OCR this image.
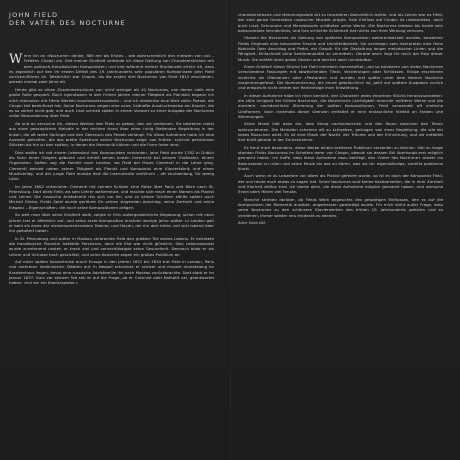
JOHN FIELD
DER VATER DES NOCTURNE

Wenn ich an »Nocturne« denke, fällt mir als Erstes – wie wahrscheinlich den meisten von uns – Frédéric Chopin ein. Seit meiner Kindheit verbinde ich diese Gattung von Charakterstücken mit dem polnisch-französischen Komponisten; und erst während meiner Studienzeit erfuhr ich, dass es eigentlich auf den im ersten Drittel des 19. Jahrhunderts sehr populären Komponisten John Field zurückzuführen ist. Tatsächlich war Chopin, als die ersten drei Nocturnes von Field 1812 erschienen, gerade einmal zwei Jahre alt.

Heute gibt es einen Zusammenschluss von nicht weniger als 41 Nocturnes, von denen viele eine große Rolle gespielt. Doch irgendwann in den frühen Jahren meiner Tätigkeit als Pianistin begann ich mich intensiver mit Fields Werken auseinanderzusetzen – und ich entdeckte eine Welt voller Poesie, die Chopin tief beeinflusst hat. Seine Nocturnes zeigen eine neue, liedhafte Ausdrucksweise am Klavier, die es so vorher nicht gab; und auch Liszt schrieb später in einem Vorwort zu einer Ausgabe der Nocturnes voller Bewunderung über Field.

Ab und an versuche ich, diesen Werken den Platz zu geben, den sie verdienen. Sie bestehen meist aus einer gesanglichen Melodie in der rechten Hand über einer ruhig fließenden Begleitung in der linken, die oft weite Sprünge und den Gebrauch des Pedals verlangt. Für diese Aufnahme habe ich eine Auswahl getroffen, die das breite Spektrum seiner Nocturnes zeigt: von frühen, schlicht gehaltenen Stücken bis hin zu den späten, in denen die Harmonik kühner und die Form freier wird.

Dies wollte ich mit einem Lebenslauf des Komponisten verbinden. John Field wurde 1782 in Dublin als Sohn eines Geigers geboren und erhielt seinen ersten Unterricht bei seinem Großvater, einem Organisten. Später zog die Familie nach London, wo Field bei Muzio Clementi in die Lehre ging. Clementi betrieb neben seiner Tätigkeit als Pianist und Komponist eine Klavierfabrik und einen Musikverlag, und der junge Field musste dort die Instrumente vorführen – oft stundenlang, für wenig Lohn.

Im Jahre 1802 unternahm Clementi mit seinem Schüler eine Reise über Paris und Wien nach St. Petersburg. Dort blieb Field, als sein Lehrer weiterreiste, und machte sich rasch einen Namen als Pianist und Lehrer. Die russische Aristokratie riss sich um ihn, und zu seinen Schülern zählte später auch Michail Glinka. Fields Spiel wurde gerühmt für seinen singenden Anschlag, seine Zartheit und seine Eleganz – Eigenschaften, die auch seine Kompositionen prägen.

So weit man über seine Kindheit weiß, zeigte er früh außergewöhnliche Begabung; schon mit neun Jahren trat er öffentlich auf, und seine erste Komposition erschien wenige Jahre später. In London galt er bald als eines der vielversprechendsten Talente, und Haydn, der ihn dort hörte, soll sich lobend über ihn geäußert haben.

In St. Petersburg und später in Moskau verbrachte Field den größten Teil seines Lebens. Er heiratete die französische Pianistin Adélaïde Percheron, doch die Ehe war nicht glücklich. Sein Lebenswandel wurde zunehmend unstet; er trank viel und vernachlässigte seine Gesundheit. Dennoch blieb er als Lehrer und Virtuose hoch geschätzt, und seine Konzerte zogen ein großes Publikum an.

Auf einer späten Konzertreise durch Europa in den Jahren 1831 bis 1834 trat Field in London, Paris und mehreren italienischen Städten auf. In Neapel erkrankte er schwer und musste monatelang im Krankenhaus liegen, bevor eine russische Adelsfamilie ihn nach Moskau zurückbrachte. Dort starb er im Januar 1837. Kurz vor seinem Tod soll er auf die Frage, ob er Calvinist oder Katholik sei, geantwortet haben: »Ich bin ein Klavierspieler.«

charakteristische und stimmungsvolle Art zu musizieren überzeitlich wirkte, und als Lehrer war es Field, der eine ganze Generation russischer Musiker prägte. Sein Einfluss auf Chopin ist unbestritten, doch auch Liszt, Schumann und Mendelssohn schätzten seine Werke. Die Nocturnes bleiben bis heute sein bekanntestes Vermächtnis, und ihre schlichte Schönheit hat nichts von ihrer Wirkung verloren.

Obwohl die Nocturnes als Gattung von späteren Komponisten weiterentwickelt wurden, bewahren Fields Originale eine besondere Frische und Unmittelbarkeit. Sie verlangen vom Interpreten eine feine Kontrolle über Anschlag und Pedal, ein Gespür für die Gestaltung langer melodischer Linien und die Fähigkeit, Einfachheit ohne Sentimentalität zu vermitteln. Gerade darin liegt für mich der Reiz dieser Musik: Sie erzählt ohne große Gesten und berührt doch unmittelbar.

Einen Großteil dieser Stücke hat Field mehrfach überarbeitet, und so existieren von vielen Nocturnes verschiedene Fassungen mit abweichenden Titeln, Verzierungen oder Schlüssen. Einige erschienen zunächst als »Romanze« oder »Pastorale« und wurden erst später unter dem Namen Nocturne zusammengefasst. Die Nummerierung, die heute gebräuchlich ist, geht auf spätere Ausgaben zurück und entspricht nicht immer der Reihenfolge ihrer Entstehung.

In dieser Aufnahme habe ich mich bemüht, den Charakter jedes einzelnen Stücks herauszuarbeiten: die stille Innigkeit der frühen Nocturnes, die tänzerische Leichtigkeit mancher mittlerer Werke und die dunklere, nachdenkliche Stimmung der späten Kompositionen. Field verwendet oft einfache Liedformen, doch innerhalb dieser Grenzen entfaltet er eine erstaunliche Vielfalt an Farben und Stimmungen.

Seine Musik lädt dazu ein, dem Klang nachzuhorchen und den Raum zwischen den Tönen wahrzunehmen. Die Melodien scheinen oft zu schweben, getragen von einer Begleitung, die wie ein leises Rauschen wirkt. Es ist eine Musik der Nacht, der Träume und der Erinnerung, und sie entfaltet ihre Kraft gerade in der Zurücknahme.

Es freut mich besonders, diese Werke einem breiteren Publikum vorstellen zu können. Viel zu lange standen Fields Nocturnes im Schatten derer von Chopin, obwohl sie dessen Stil überhaupt erst möglich gemacht haben. Ich hoffe, dass diese Aufnahme dazu beiträgt, den »Vater des Nocturne« wieder ins Bewusstsein zu rufen und seine Musik als das zu hören, was sie ist: eigenständige, zutiefst poetische Kunst.

Auch wenn er zu Lebzeiten vor allem als Pianist gefeiert wurde, so ist es doch der Komponist Field, der uns heute noch etwas zu sagen hat. Seine Nocturnes sind kleine Kostbarkeiten, die in ihrer Zartheit und Klarheit zeitlos sind. Ich danke allen, die diese Aufnahme möglich gemacht haben, und wünsche Ihnen beim Hören viel Freude.

Manche streiten darüber, ob Fields Werk angesichts des gewaltigen Einflusses, den es auf die Komponisten der Romantik ausübte, angemessen gewürdigt wurde. Für mich steht außer Frage, dass seine Nocturnes zu den schönsten Klavierwerken des frühen 19. Jahrhunderts gehören und es verdienen, immer wieder neu entdeckt zu werden.

Alice Sara Ott
